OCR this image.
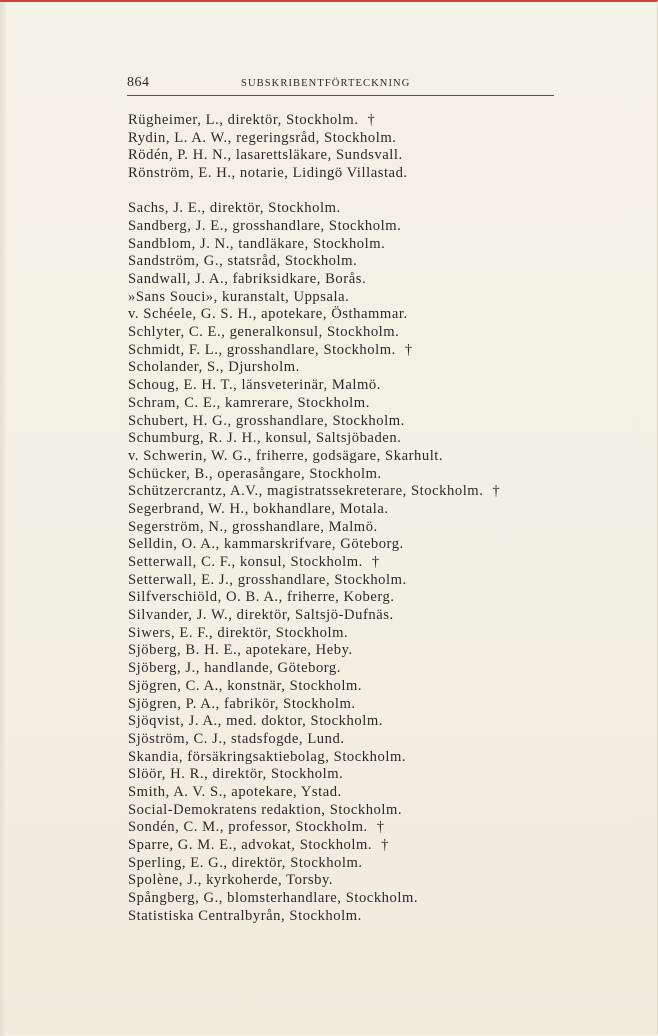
864	SUBSKRIBENTFÖRTECKNING
Rügheimer, L., direktör, Stockholm. †
Rydin, L. A. W., regeringsråd, Stockholm.
Rödén, P. H. N., lasarettsläkare, Sundsvall.
Rönström, E. H., notarie, Lidingö Villastad.
Sachs, J. E., direktör, Stockholm.
Sandberg, J. E., grosshandlare, Stockholm.
Sandblom, J. N., tandläkare, Stockholm.
Sandström, G., statsråd, Stockholm.
Sandwall, J. A., fabriksidkare, Borås.
»Sans Souci», kuranstalt, Uppsala.
v. Schéele, G. S. H., apotekare, Östhammar.
Schlyter, C. E., generalkonsul, Stockholm.
Schmidt, F. L., grosshandlare, Stockholm. †
Scholander, S., Djursholm.
Schoug, E. H. T., länsveterinär, Malmö.
Schram, C. E., kamrerare, Stockholm.
Schubert, H. G., grosshandlare, Stockholm.
Schumburg, R. J. H., konsul, Saltsjöbaden.
v. Schwerin, W. G., friherre, godsägare, Skarhult.
Schücker, B., operasångare, Stockholm.
Schützercrantz, A.V., magistratssekreterare, Stockholm. †
Segerbrand, W. H., bokhandlare, Motala.
Segerström, N., grosshandlare, Malmö.
Selldin, O. A., kammarskrifvare, Göteborg.
Setterwall, C. F., konsul, Stockholm. †
Setterwall, E. J., grosshandlare, Stockholm.
Silfverschiöld, O. B. A., friherre, Koberg.
Silvander, J. W., direktör, Saltsjö-Dufnäs.
Siwers, E. F., direktör, Stockholm.
Sjöberg, B. H. E., apotekare, Heby.
Sjöberg, J., handlande, Göteborg.
Sjögren, C. A., konstnär, Stockholm.
Sjögren, P. A., fabrikör, Stockholm.
Sjöqvist, J. A., med. doktor, Stockholm.
Sjöström, C. J., stadsfogde, Lund.
Skandia, försäkringsaktiebolag, Stockholm.
Slöör, H. R., direktör, Stockholm.
Smith, A. V. S., apotekare, Ystad.
Social-Demokratens redaktion, Stockholm.
Sondén, C. M., professor, Stockholm. †
Sparre, G. M. E., advokat, Stockholm. †
Sperling, E. G., direktör, Stockholm.
Spolène, J., kyrkoherde, Torsby.
Spångberg, G., blomsterhandlare, Stockholm.
Statistiska Centralbyrån, Stockholm.
